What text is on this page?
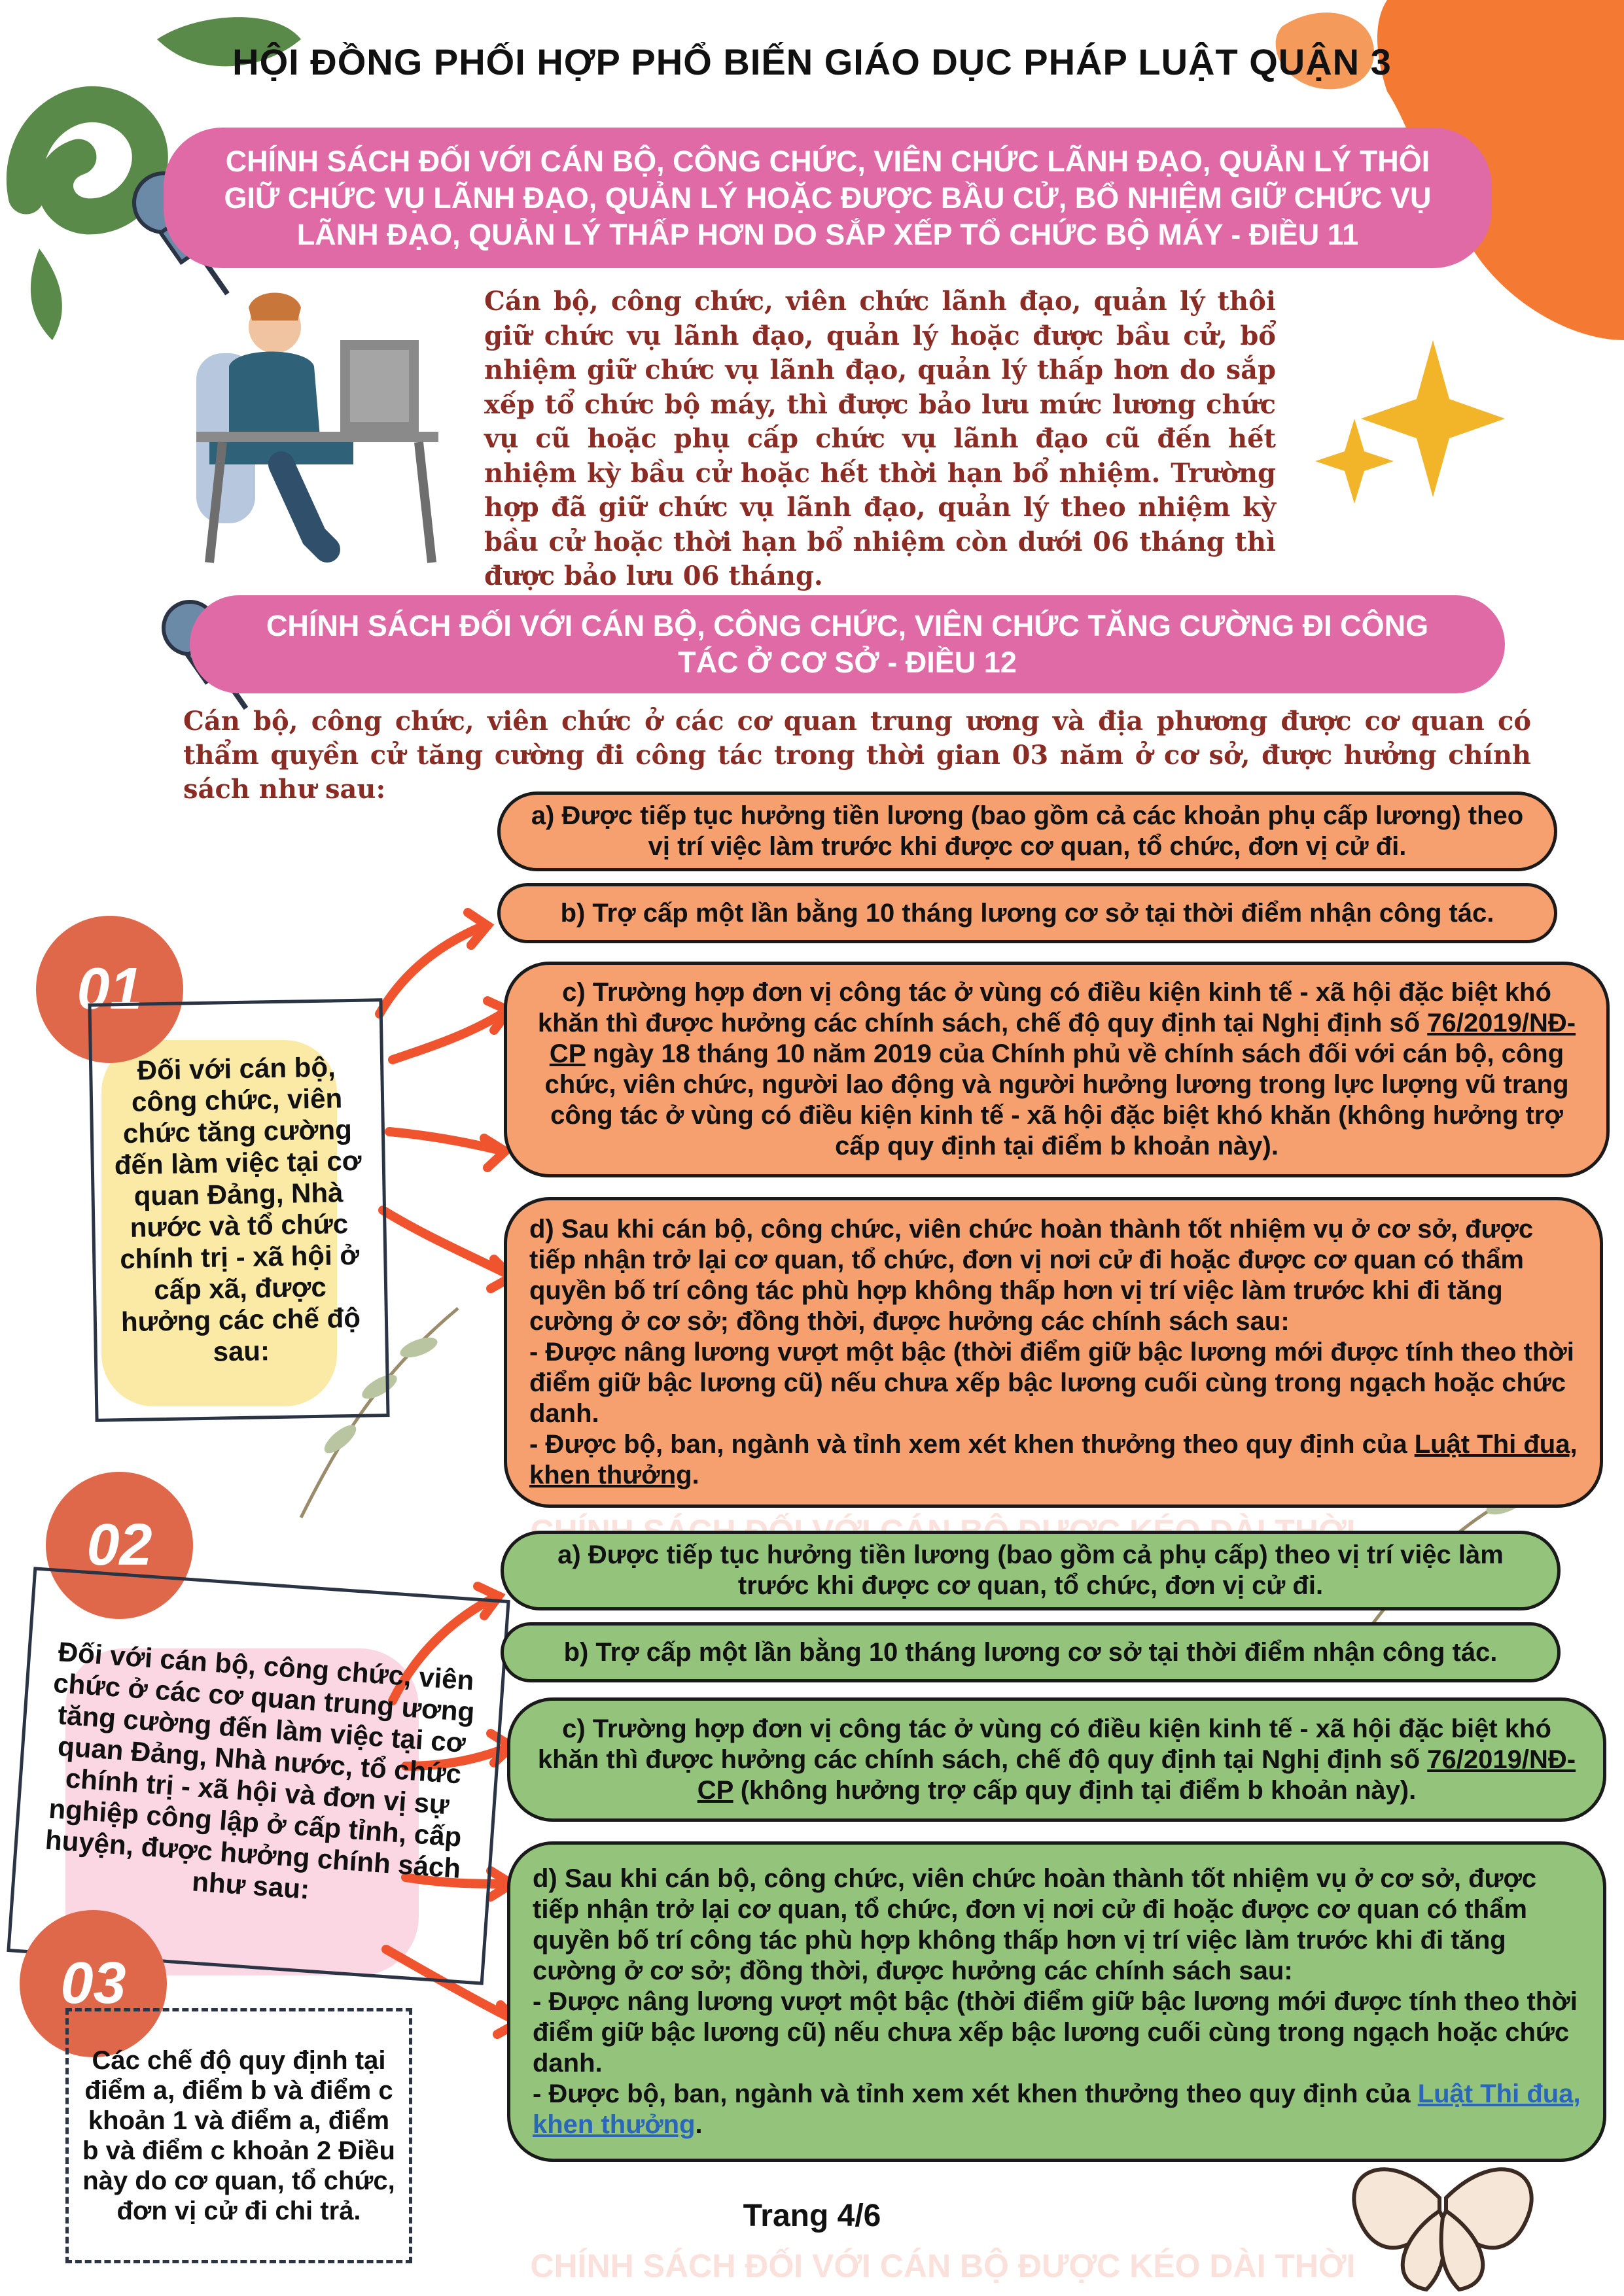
HỘI ĐỒNG PHỐI HỢP PHỔ BIẾN GIÁO DỤC PHÁP LUẬT QUẬN 3
CHÍNH SÁCH ĐỐI VỚI CÁN BỘ, CÔNG CHỨC, VIÊN CHỨC LÃNH ĐẠO, QUẢN LÝ THÔI
GIỮ CHỨC VỤ LÃNH ĐẠO, QUẢN LÝ HOẶC ĐƯỢC BẦU CỬ, BỔ NHIỆM GIỮ CHỨC VỤ
LÃNH ĐẠO, QUẢN LÝ THẤP HƠN DO SẮP XẾP TỔ CHỨC BỘ MÁY - ĐIỀU 11
Cán bộ, công chức, viên chức lãnh đạo, quản lý thôi giữ chức vụ lãnh đạo, quản lý hoặc được bầu cử, bổ nhiệm giữ chức vụ lãnh đạo, quản lý thấp hơn do sắp xếp tổ chức bộ máy, thì được bảo lưu mức lương chức vụ cũ hoặc phụ cấp chức vụ lãnh đạo cũ đến hết nhiệm kỳ bầu cử hoặc hết thời hạn bổ nhiệm. Trường hợp đã giữ chức vụ lãnh đạo, quản lý theo nhiệm kỳ bầu cử hoặc thời hạn bổ nhiệm còn dưới 06 tháng thì được bảo lưu 06 tháng.
CHÍNH SÁCH ĐỐI VỚI CÁN BỘ, CÔNG CHỨC, VIÊN CHỨC TĂNG CƯỜNG ĐI CÔNG
TÁC Ở CƠ SỞ - ĐIỀU 12
Cán bộ, công chức, viên chức ở các cơ quan trung ương và địa phương được cơ quan có thẩm quyền cử tăng cường đi công tác trong thời gian 03 năm ở cơ sở, được hưởng chính sách như sau:
01
Đối với cán bộ, công chức, viên chức tăng cường đến làm việc tại cơ quan Đảng, Nhà nước và tổ chức chính trị - xã hội ở cấp xã, được hưởng các chế độ sau:
a) Được tiếp tục hưởng tiền lương (bao gồm cả các khoản phụ cấp lương) theo vị trí việc làm trước khi được cơ quan, tổ chức, đơn vị cử đi.
b) Trợ cấp một lần bằng 10 tháng lương cơ sở tại thời điểm nhận công tác.
c) Trường hợp đơn vị công tác ở vùng có điều kiện kinh tế - xã hội đặc biệt khó khăn thì được hưởng các chính sách, chế độ quy định tại Nghị định số 76/2019/NĐ-CP ngày 18 tháng 10 năm 2019 của Chính phủ về chính sách đối với cán bộ, công chức, viên chức, người lao động và người hưởng lương trong lực lượng vũ trang công tác ở vùng có điều kiện kinh tế - xã hội đặc biệt khó khăn (không hưởng trợ cấp quy định tại điểm b khoản này).
d) Sau khi cán bộ, công chức, viên chức hoàn thành tốt nhiệm vụ ở cơ sở, được tiếp nhận trở lại cơ quan, tổ chức, đơn vị nơi cử đi hoặc được cơ quan có thẩm quyền bố trí công tác phù hợp không thấp hơn vị trí việc làm trước khi đi tăng cường ở cơ sở; đồng thời, được hưởng các chính sách sau:
- Được nâng lương vượt một bậc (thời điểm giữ bậc lương mới được tính theo thời điểm giữ bậc lương cũ) nếu chưa xếp bậc lương cuối cùng trong ngạch hoặc chức danh.
- Được bộ, ban, ngành và tỉnh xem xét khen thưởng theo quy định của Luật Thi đua, khen thưởng.
02
Đối với cán bộ, công chức, viên chức ở các cơ quan trung ương tăng cường đến làm việc tại cơ quan Đảng, Nhà nước, tổ chức chính trị - xã hội và đơn vị sự nghiệp công lập ở cấp tỉnh, cấp huyện, được hưởng chính sách như sau:
a) Được tiếp tục hưởng tiền lương (bao gồm cả phụ cấp) theo vị trí việc làm trước khi được cơ quan, tổ chức, đơn vị cử đi.
b) Trợ cấp một lần bằng 10 tháng lương cơ sở tại thời điểm nhận công tác.
c) Trường hợp đơn vị công tác ở vùng có điều kiện kinh tế - xã hội đặc biệt khó khăn thì được hưởng các chính sách, chế độ quy định tại Nghị định số 76/2019/NĐ-CP (không hưởng trợ cấp quy định tại điểm b khoản này).
d) Sau khi cán bộ, công chức, viên chức hoàn thành tốt nhiệm vụ ở cơ sở, được tiếp nhận trở lại cơ quan, tổ chức, đơn vị nơi cử đi hoặc được cơ quan có thẩm quyền bố trí công tác phù hợp không thấp hơn vị trí việc làm trước khi đi tăng cường ở cơ sở; đồng thời, được hưởng các chính sách sau:
- Được nâng lương vượt một bậc (thời điểm giữ bậc lương mới được tính theo thời điểm giữ bậc lương cũ) nếu chưa xếp bậc lương cuối cùng trong ngạch hoặc chức danh.
- Được bộ, ban, ngành và tỉnh xem xét khen thưởng theo quy định của Luật Thi đua, khen thưởng.
03
Các chế độ quy định tại điểm a, điểm b và điểm c khoản 1 và điểm a, điểm b và điểm c khoản 2 Điều này do cơ quan, tổ chức, đơn vị cử đi chi trả.	Trang 4/6
CHÍNH SÁCH ĐỐI VỚI CÁN BỘ ĐƯỢC KÉO DÀI THỜI
